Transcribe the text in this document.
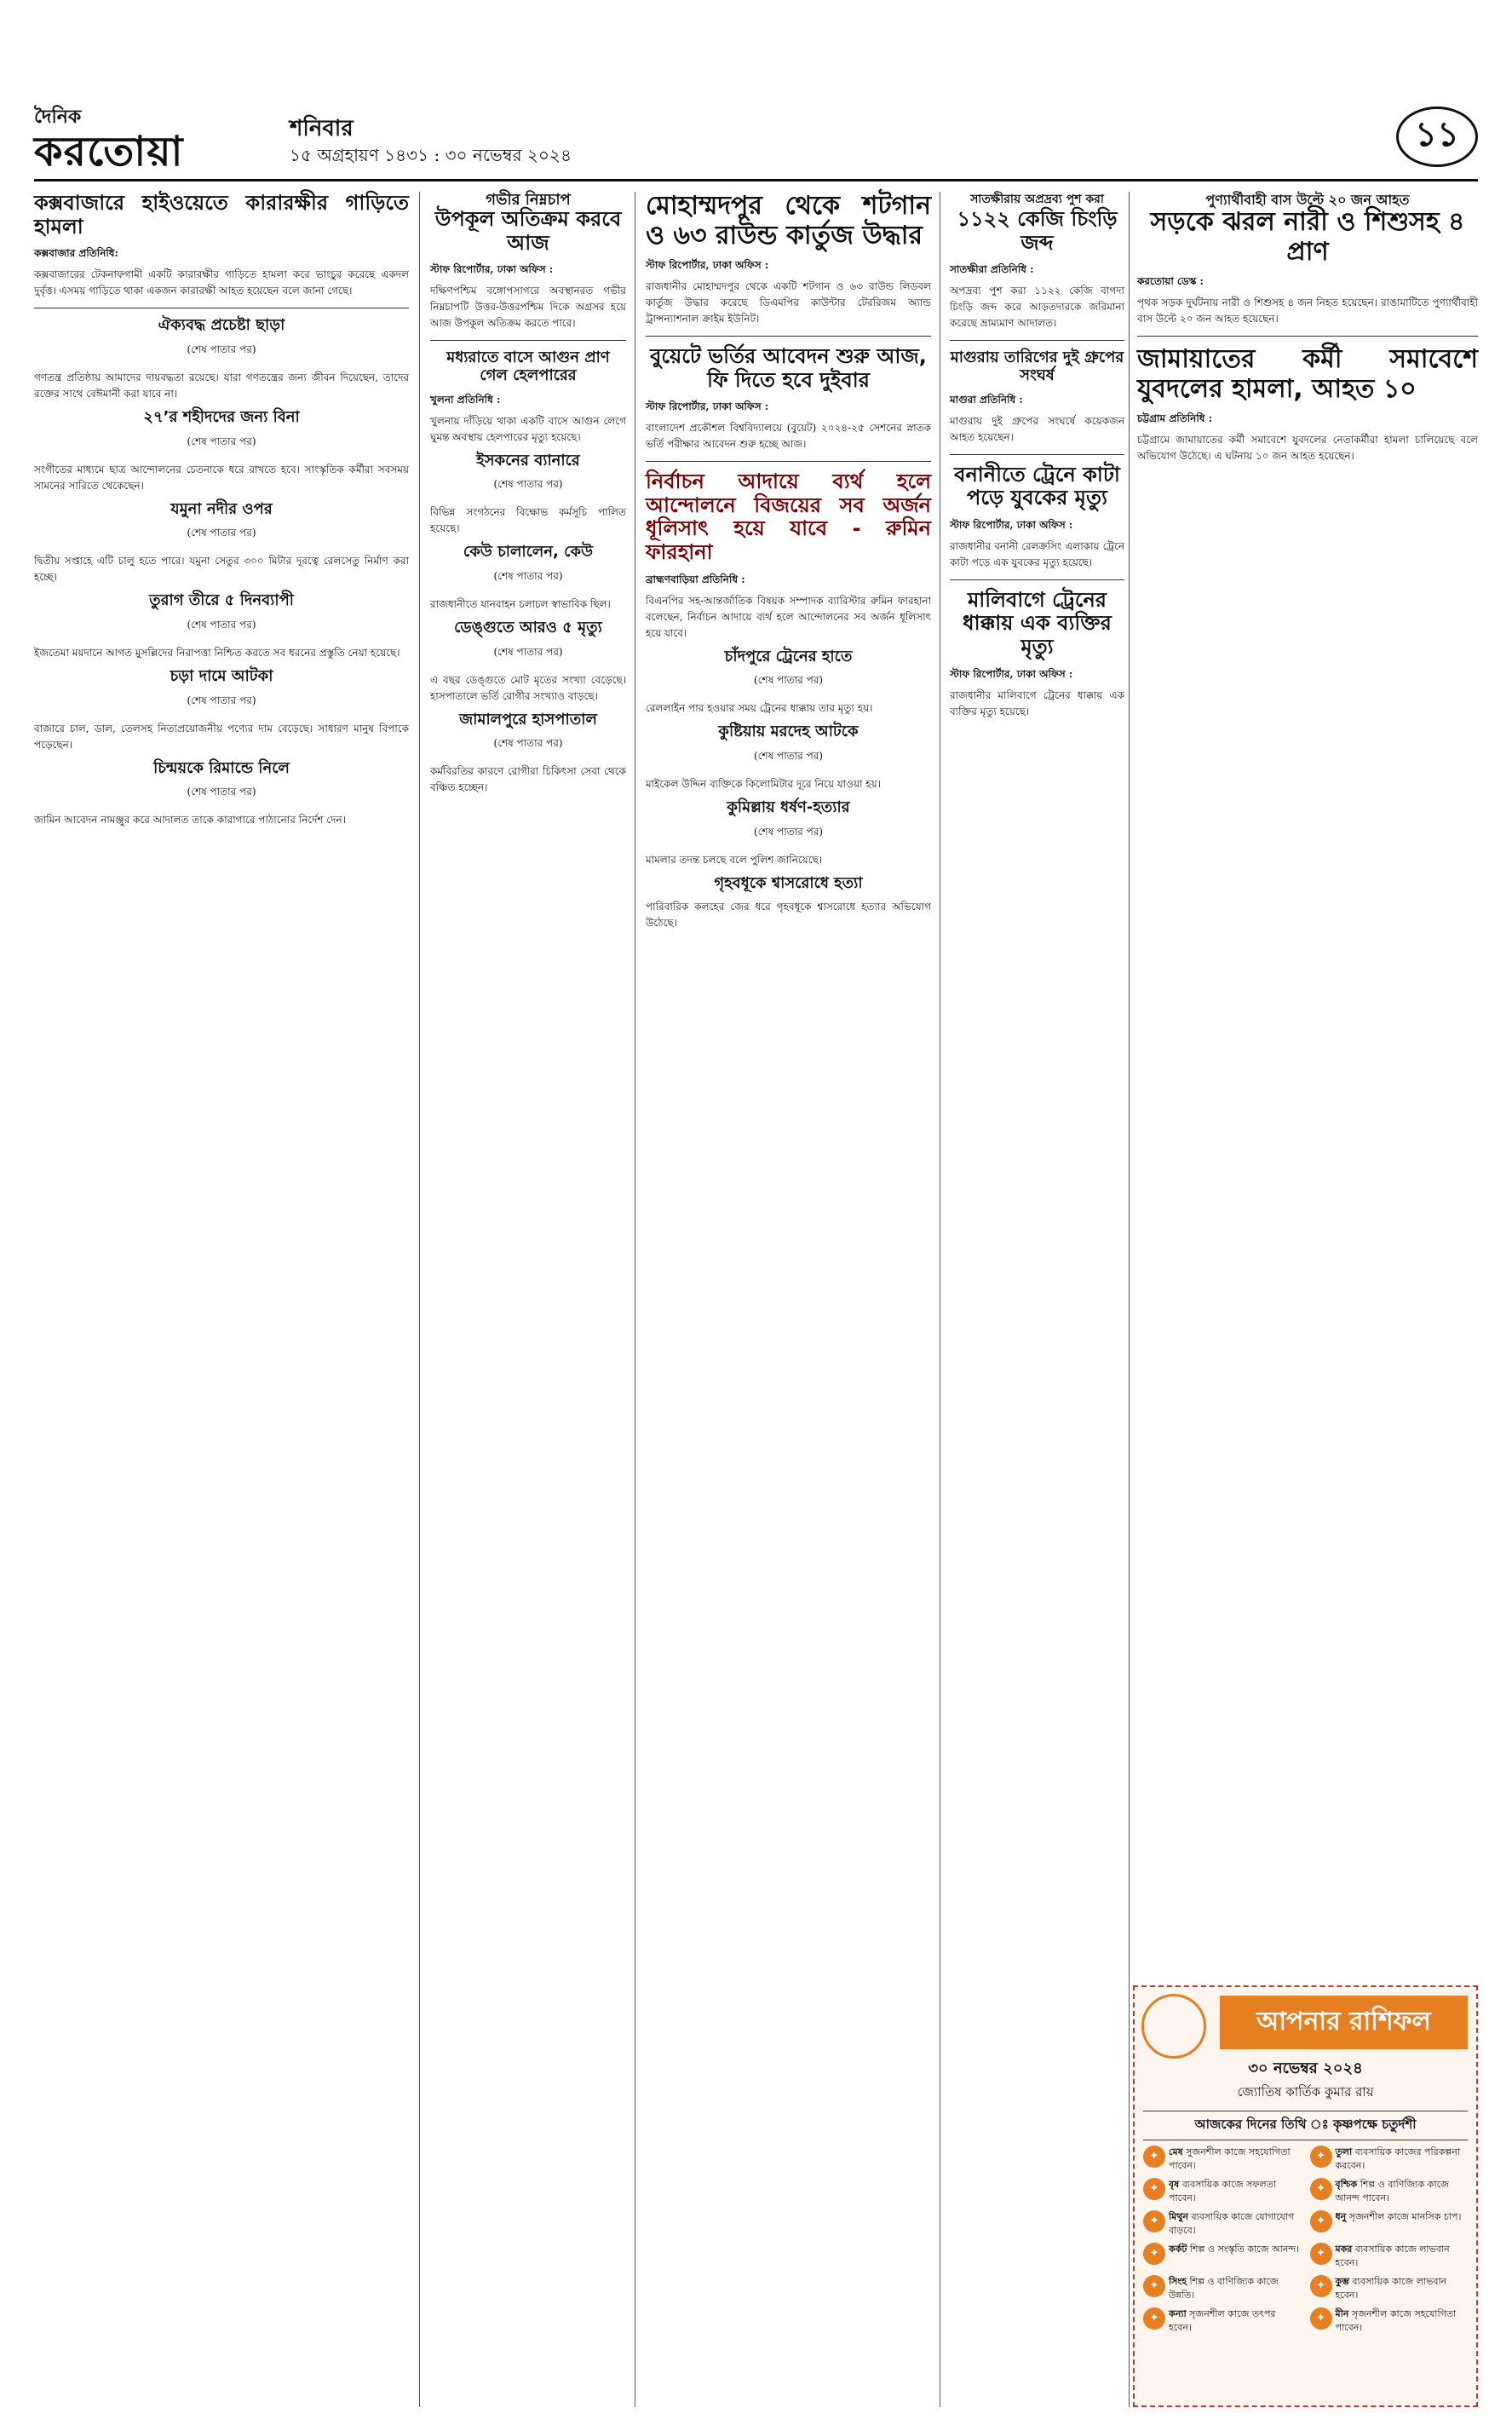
দৈনিক
করতোয়া	শনিবার
১৫ অগ্রহায়ণ ১৪৩১ : ৩০ নভেম্বর ২০২৪
১১
কক্সবাজারে হাইওয়েতে কারারক্ষীর গাড়িতে হামলা
কক্সবাজার প্রতিনিধি:

কক্সবাজারের টেকনাফগামী একটি কারারক্ষীর গাড়িতে হামলা করে ভাংচুর করেছে একদল দুর্বৃত্ত। এসময় গাড়িতে থাকা একজন কারারক্ষী আহত হয়েছেন বলে জানা গেছে।

ঐক্যবদ্ধ প্রচেষ্টা ছাড়া
(শেষ পাতার পর)

গণতন্ত্র প্রতিষ্ঠায় আমাদের দায়বদ্ধতা রয়েছে। যারা গণতন্ত্রের জন্য জীবন দিয়েছেন, তাদের রক্তের সাথে বেঈমানী করা যাবে না।

২৭’র শহীদদের জন্য বিনা
(শেষ পাতার পর)

সংগীতের মাধ্যমে ছাত্র আন্দোলনের চেতনাকে ধরে রাখতে হবে। সাংস্কৃতিক কর্মীরা সবসময় সামনের সারিতে থেকেছেন।

যমুনা নদীর ওপর
(শেষ পাতার পর)

দ্বিতীয় সপ্তাহে এটি চালু হতে পারে। যমুনা সেতুর ৩০০ মিটার দূরত্বে রেলসেতু নির্মাণ করা হচ্ছে।

তুরাগ তীরে ৫ দিনব্যাপী
(শেষ পাতার পর)

ইজতেমা ময়দানে আগত মুসল্লিদের নিরাপত্তা নিশ্চিত করতে সব ধরনের প্রস্তুতি নেয়া হয়েছে।

চড়া দামে আটকা
(শেষ পাতার পর)

বাজারে চাল, ডাল, তেলসহ নিত্যপ্রয়োজনীয় পণ্যের দাম বেড়েছে। সাধারণ মানুষ বিপাকে পড়েছেন।

চিন্ময়কে রিমান্ডে নিলে
(শেষ পাতার পর)

জামিন আবেদন নামঞ্জুর করে আদালত তাকে কারাগারে পাঠানোর নির্দেশ দেন।

গভীর নিম্নচাপ
উপকূল অতিক্রম করবে আজ
স্টাফ রিপোর্টার, ঢাকা অফিস :

দক্ষিণপশ্চিম বঙ্গোপসাগরে অবস্থানরত গভীর নিম্নচাপটি উত্তর-উত্তরপশ্চিম দিকে অগ্রসর হয়ে আজ উপকূল অতিক্রম করতে পারে।

মধ্যরাতে বাসে আগুন প্রাণ গেল হেলপারের
খুলনা প্রতিনিধি :

খুলনায় দাঁড়িয়ে থাকা একটি বাসে আগুন লেগে ঘুমন্ত অবস্থায় হেলপারের মৃত্যু হয়েছে।

ইসকনের ব্যানারে
(শেষ পাতার পর)

বিভিন্ন সংগঠনের বিক্ষোভ কর্মসূচি পালিত হয়েছে।

কেউ চালালেন, কেউ
(শেষ পাতার পর)

রাজধানীতে যানবাহন চলাচল স্বাভাবিক ছিল।

ডেঙ্গুতে আরও ৫ মৃত্যু
(শেষ পাতার পর)

এ বছর ডেঙ্গুতে মোট মৃতের সংখ্যা বেড়েছে। হাসপাতালে ভর্তি রোগীর সংখ্যাও বাড়ছে।

জামালপুরে হাসপাতাল
(শেষ পাতার পর)

কর্মবিরতির কারণে রোগীরা চিকিৎসা সেবা থেকে বঞ্চিত হচ্ছেন।

মোহাম্মদপুর থেকে শটগান ও ৬৩ রাউন্ড কার্তুজ উদ্ধার
স্টাফ রিপোর্টার, ঢাকা অফিস :

রাজধানীর মোহাম্মদপুর থেকে একটি শটগান ও ৬৩ রাউন্ড লিডবল কার্তুজ উদ্ধার করেছে ডিএমপির কাউন্টার টেররিজম অ্যান্ড ট্রান্সন্যাশনাল ক্রাইম ইউনিট।

বুয়েটে ভর্তির আবেদন শুরু আজ, ফি দিতে হবে দুইবার
স্টাফ রিপোর্টার, ঢাকা অফিস :

বাংলাদেশ প্রকৌশল বিশ্ববিদ্যালয়ে (বুয়েট) ২০২৪-২৫ সেশনের স্নাতক ভর্তি পরীক্ষার আবেদন শুরু হচ্ছে আজ।

নির্বাচন আদায়ে ব্যর্থ হলে আন্দোলনে বিজয়ের সব অর্জন ধূলিসাৎ হয়ে যাবে - রুমিন ফারহানা
ব্রাহ্মণবাড়িয়া প্রতিনিধি :

বিএনপির সহ-আন্তর্জাতিক বিষয়ক সম্পাদক ব্যারিস্টার রুমিন ফারহানা বলেছেন, নির্বাচন আদায়ে ব্যর্থ হলে আন্দোলনের সব অর্জন ধূলিসাৎ হয়ে যাবে।

চাঁদপুরে ট্রেনের হাতে
(শেষ পাতার পর)

রেললাইন পার হওয়ার সময় ট্রেনের ধাক্কায় তার মৃত্যু হয়।

কুষ্টিয়ায় মরদেহ আটকে
(শেষ পাতার পর)

মাইকেল উদ্দিন ব্যক্তিকে কিলোমিটার দূরে নিয়ে যাওয়া হয়।

কুমিল্লায় ধর্ষণ-হত্যার
(শেষ পাতার পর)

মামলার তদন্ত চলছে বলে পুলিশ জানিয়েছে।

গৃহবধূকে শ্বাসরোধে হত্যা

পারিবারিক কলহের জের ধরে গৃহবধূকে শ্বাসরোধে হত্যার অভিযোগ উঠেছে।

সাতক্ষীরায় অপ্রদ্রব্য পুশ করা
১১২২ কেজি চিংড়ি জব্দ
সাতক্ষীরা প্রতিনিধি :

অপদ্রব্য পুশ করা ১১২২ কেজি বাগদা চিংড়ি জব্দ করে আড়তদারকে জরিমানা করেছে ভ্রাম্যমাণ আদালত।

মাগুরায় তারিগের দুই গ্রুপের সংঘর্ষ
মাগুরা প্রতিনিধি :

মাগুরায় দুই গ্রুপের সংঘর্ষে কয়েকজন আহত হয়েছেন।

বনানীতে ট্রেনে কাটা পড়ে যুবকের মৃত্যু
স্টাফ রিপোর্টার, ঢাকা অফিস :

রাজধানীর বনানী রেলক্রসিং এলাকায় ট্রেনে কাটা পড়ে এক যুবকের মৃত্যু হয়েছে।

মালিবাগে ট্রেনের ধাক্কায় এক ব্যক্তির মৃত্যু
স্টাফ রিপোর্টার, ঢাকা অফিস :

রাজধানীর মালিবাগে ট্রেনের ধাক্কায় এক ব্যক্তির মৃত্যু হয়েছে।

পুণ্যার্থীবাহী বাস উল্টে ২০ জন আহত
সড়কে ঝরল নারী ও শিশুসহ ৪ প্রাণ
করতোয়া ডেস্ক :

পৃথক সড়ক দুর্ঘটনায় নারী ও শিশুসহ ৪ জন নিহত হয়েছেন। রাঙামাটিতে পুণ্যার্থীবাহী বাস উল্টে ২০ জন আহত হয়েছেন।

জামায়াতের কর্মী সমাবেশে যুবদলের হামলা, আহত ১০
চট্টগ্রাম প্রতিনিধি :

চট্টগ্রামে জামায়াতের কর্মী সমাবেশে যুবদলের নেতাকর্মীরা হামলা চালিয়েছে বলে অভিযোগ উঠেছে। এ ঘটনায় ১০ জন আহত হয়েছেন।

আপনার রাশিফল
৩০ নভেম্বর ২০২৪
জ্যোতিষ কার্তিক কুমার রায়
আজকের দিনের তিথি ঃ কৃষ্ণপক্ষে চতুর্দশী
✦	মেষ সুজনশীল কাজে সহযোগিতা পাবেন।
✦	তুলা ব্যবসায়িক কাজের পরিকল্পনা করবেন।
✦	বৃষ ব্যবসায়িক কাজে সফলতা পাবেন।
✦	বৃশ্চিক শিল্প ও বাণিজ্যিক কাজে আনন্দ পাবেন।
✦	মিথুন ব্যবসায়িক কাজে যোগাযোগ বাড়বে।
✦	ধনু সৃজনশীল কাজে মানসিক চাপ।
✦	কর্কট শিল্প ও সংস্কৃতি কাজে আনন্দ।	✦	মকর ব্যবসায়িক কাজে লাভবান হবেন।
✦	সিংহ শিল্প ও বাণিজ্যিক কাজে উন্নতি।
✦	কুম্ভ ব্যবসায়িক কাজে লাভবান হবেন।
✦	কন্যা সৃজনশীল কাজে তৎপর হবেন।
✦	মীন সৃজনশীল কাজে সহযোগিতা পাবেন।
